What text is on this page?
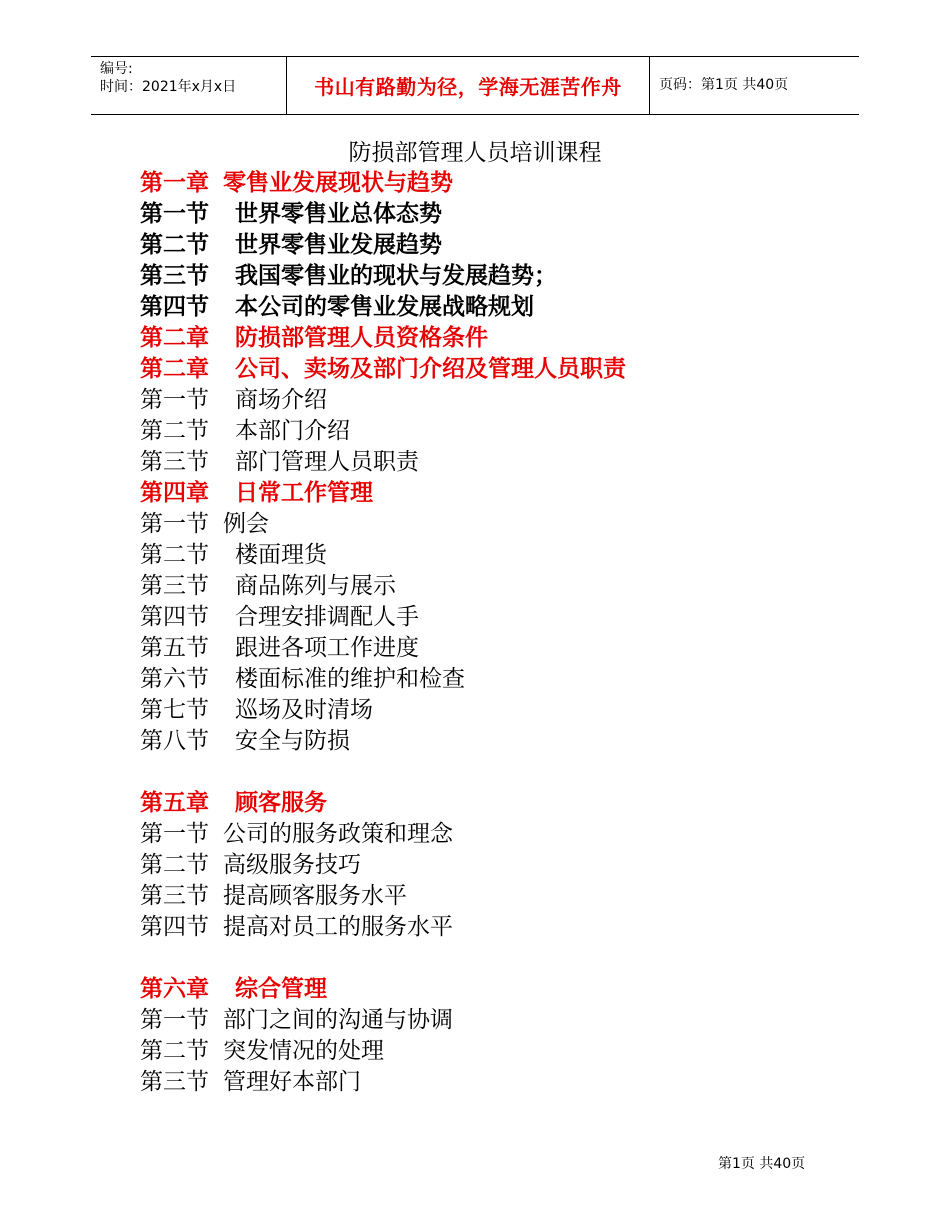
编号:
时间：2021年x月x日	书山有路勤为径，学海无涯苦作舟	页码：第1页 共40页
防损部管理人员培训课程
第一章 零售业发展现状与趋势
第一节 世界零售业总体态势
第二节 世界零售业发展趋势
第三节 我国零售业的现状与发展趋势；
第四节 本公司的零售业发展战略规划
第二章 防损部管理人员资格条件
第二章 公司、卖场及部门介绍及管理人员职责
第一节 商场介绍
第二节 本部门介绍
第三节 部门管理人员职责
第四章 日常工作管理
第一节 例会
第二节 楼面理货
第三节 商品陈列与展示
第四节 合理安排调配人手
第五节 跟进各项工作进度
第六节 楼面标准的维护和检查
第七节 巡场及时清场
第八节 安全与防损
第五章 顾客服务
第一节 公司的服务政策和理念
第二节 高级服务技巧
第三节 提高顾客服务水平
第四节 提高对员工的服务水平
第六章 综合管理
第一节 部门之间的沟通与协调
第二节 突发情况的处理
第三节 管理好本部门
第1页 共40页
